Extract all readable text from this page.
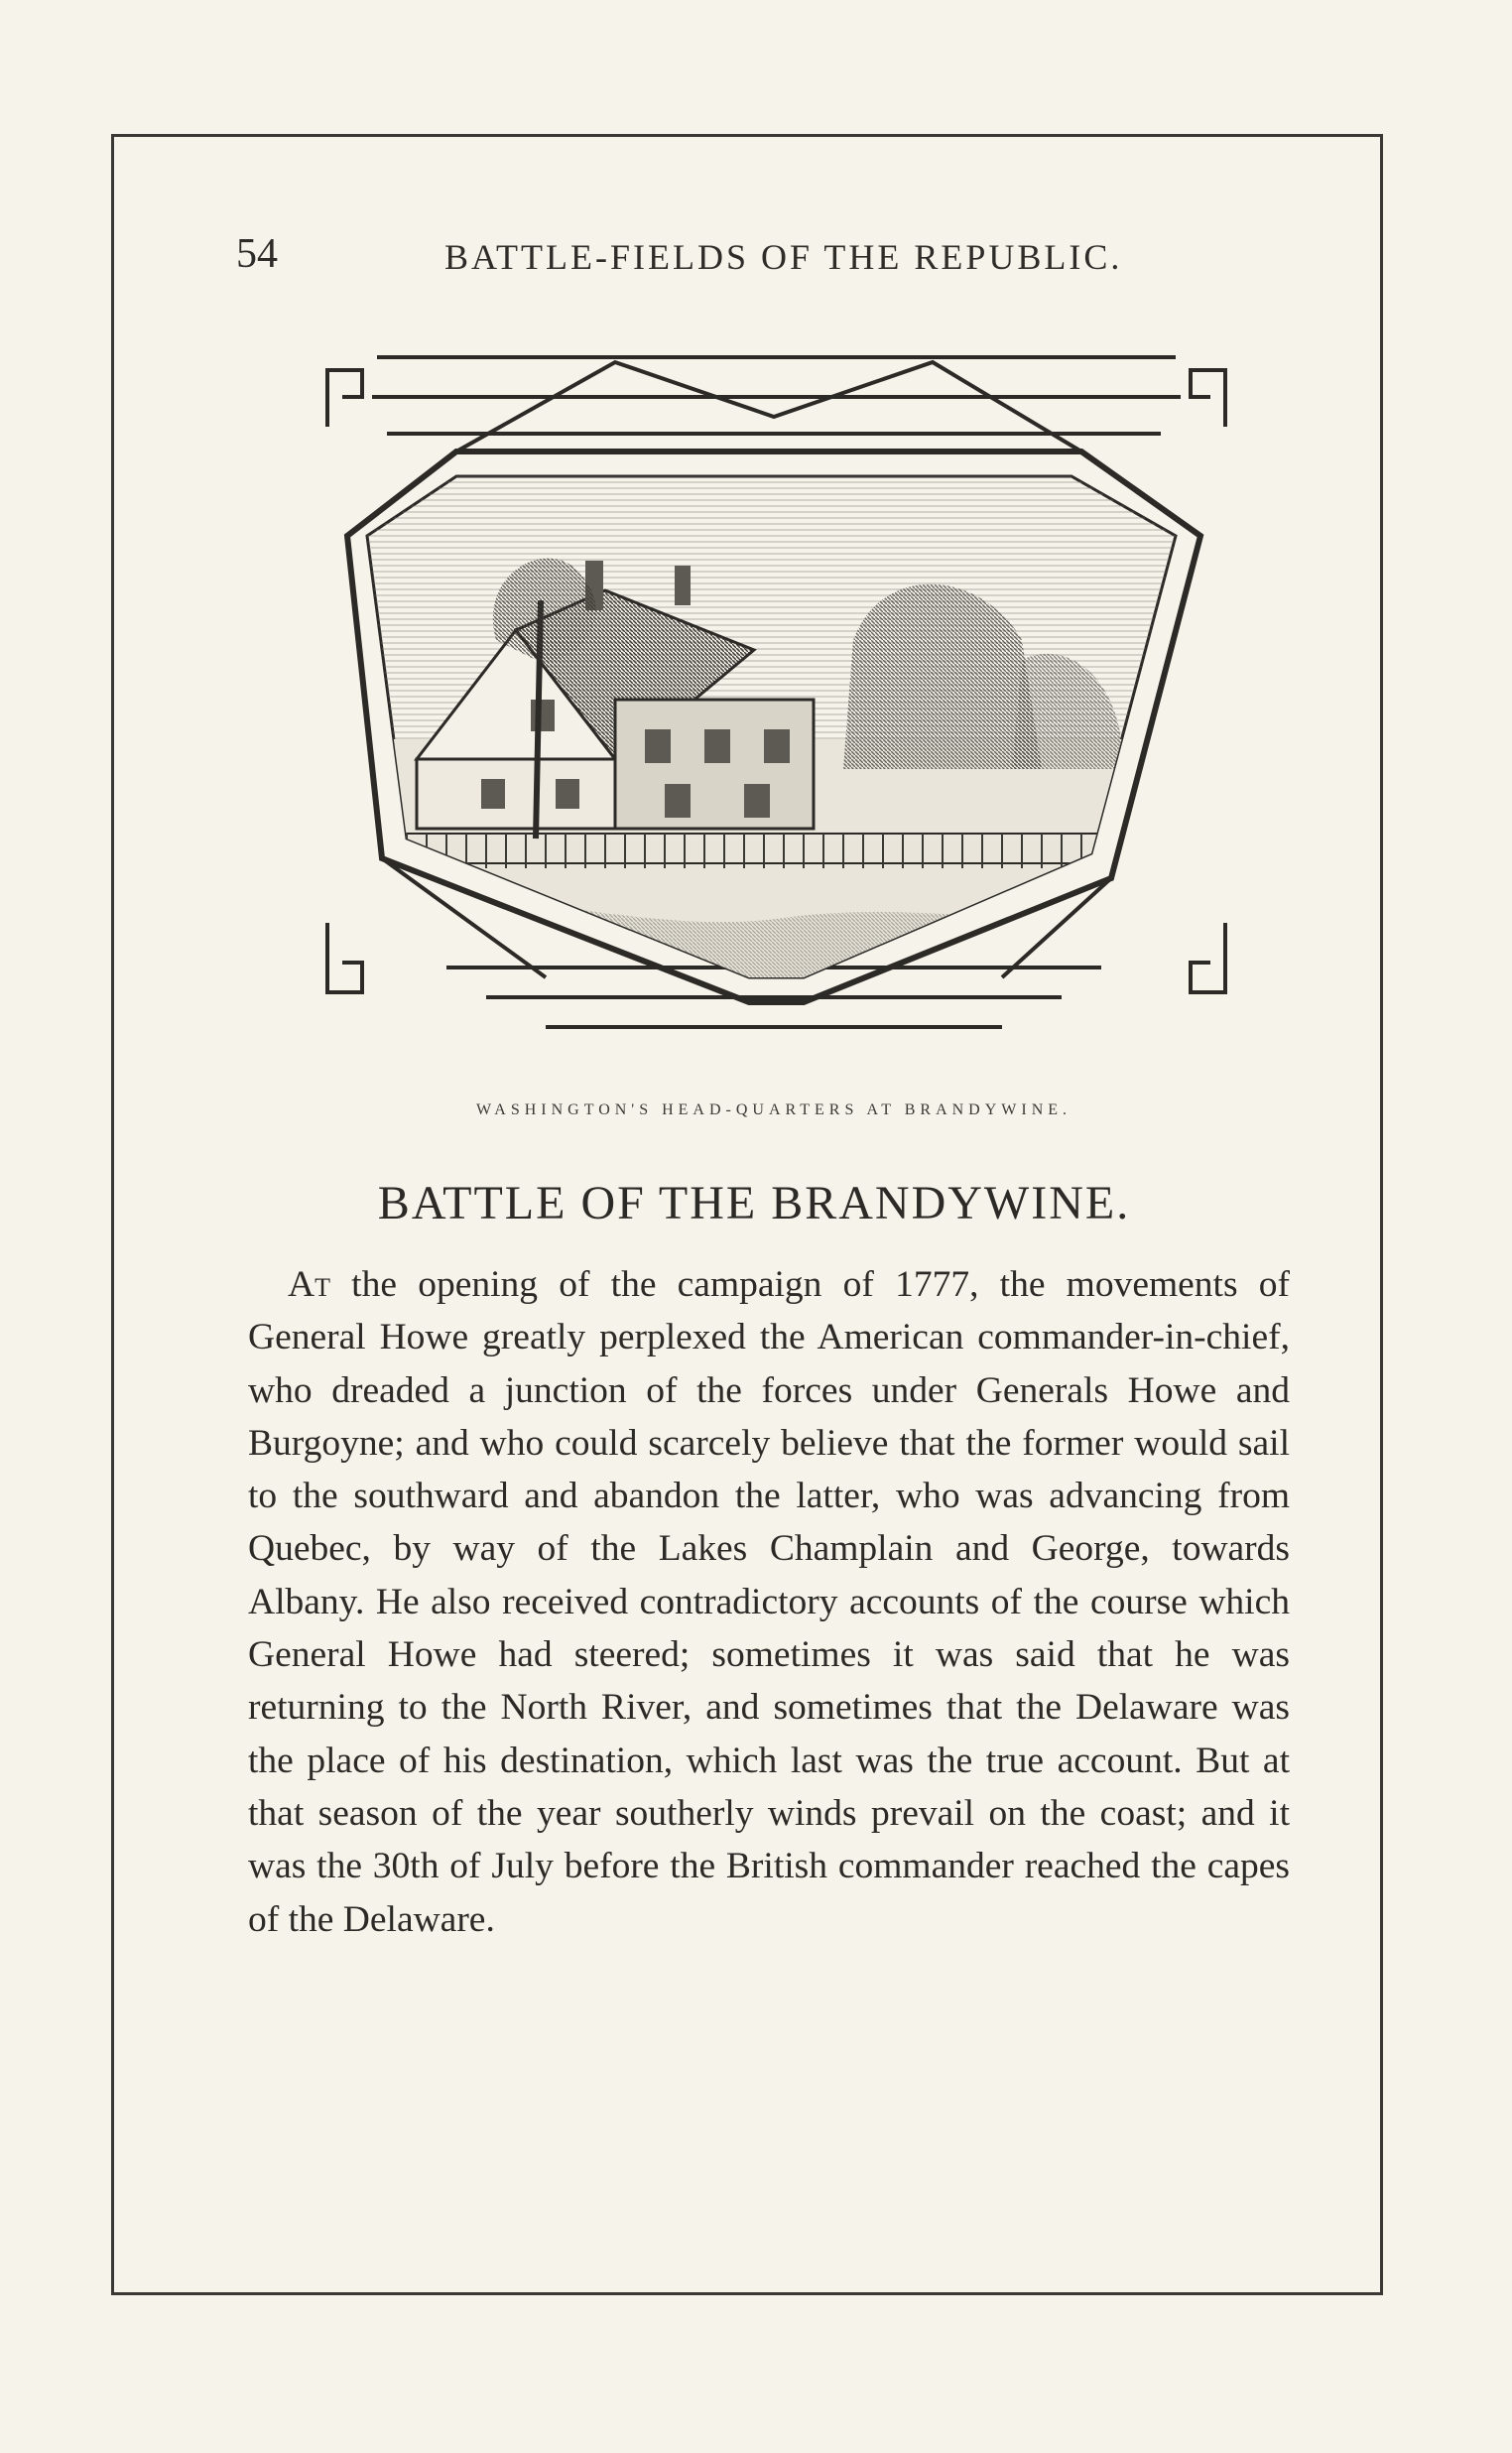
54	BATTLE-FIELDS OF THE REPUBLIC.
WASHINGTON'S HEAD-QUARTERS AT BRANDYWINE.
BATTLE OF THE BRANDYWINE.
At the opening of the campaign of 1777, the movements of General Howe greatly perplexed the American commander-in-chief, who dreaded a junction of the forces under Generals Howe and Burgoyne; and who could scarcely believe that the former would sail to the southward and abandon the latter, who was advancing from Quebec, by way of the Lakes Champlain and George, towards Albany. He also received contradictory accounts of the course which General Howe had steered; sometimes it was said that he was returning to the North River, and sometimes that the Delaware was the place of his destination, which last was the true account. But at that season of the year southerly winds prevail on the coast; and it was the 30th of July before the British commander reached the capes of the Delaware.
